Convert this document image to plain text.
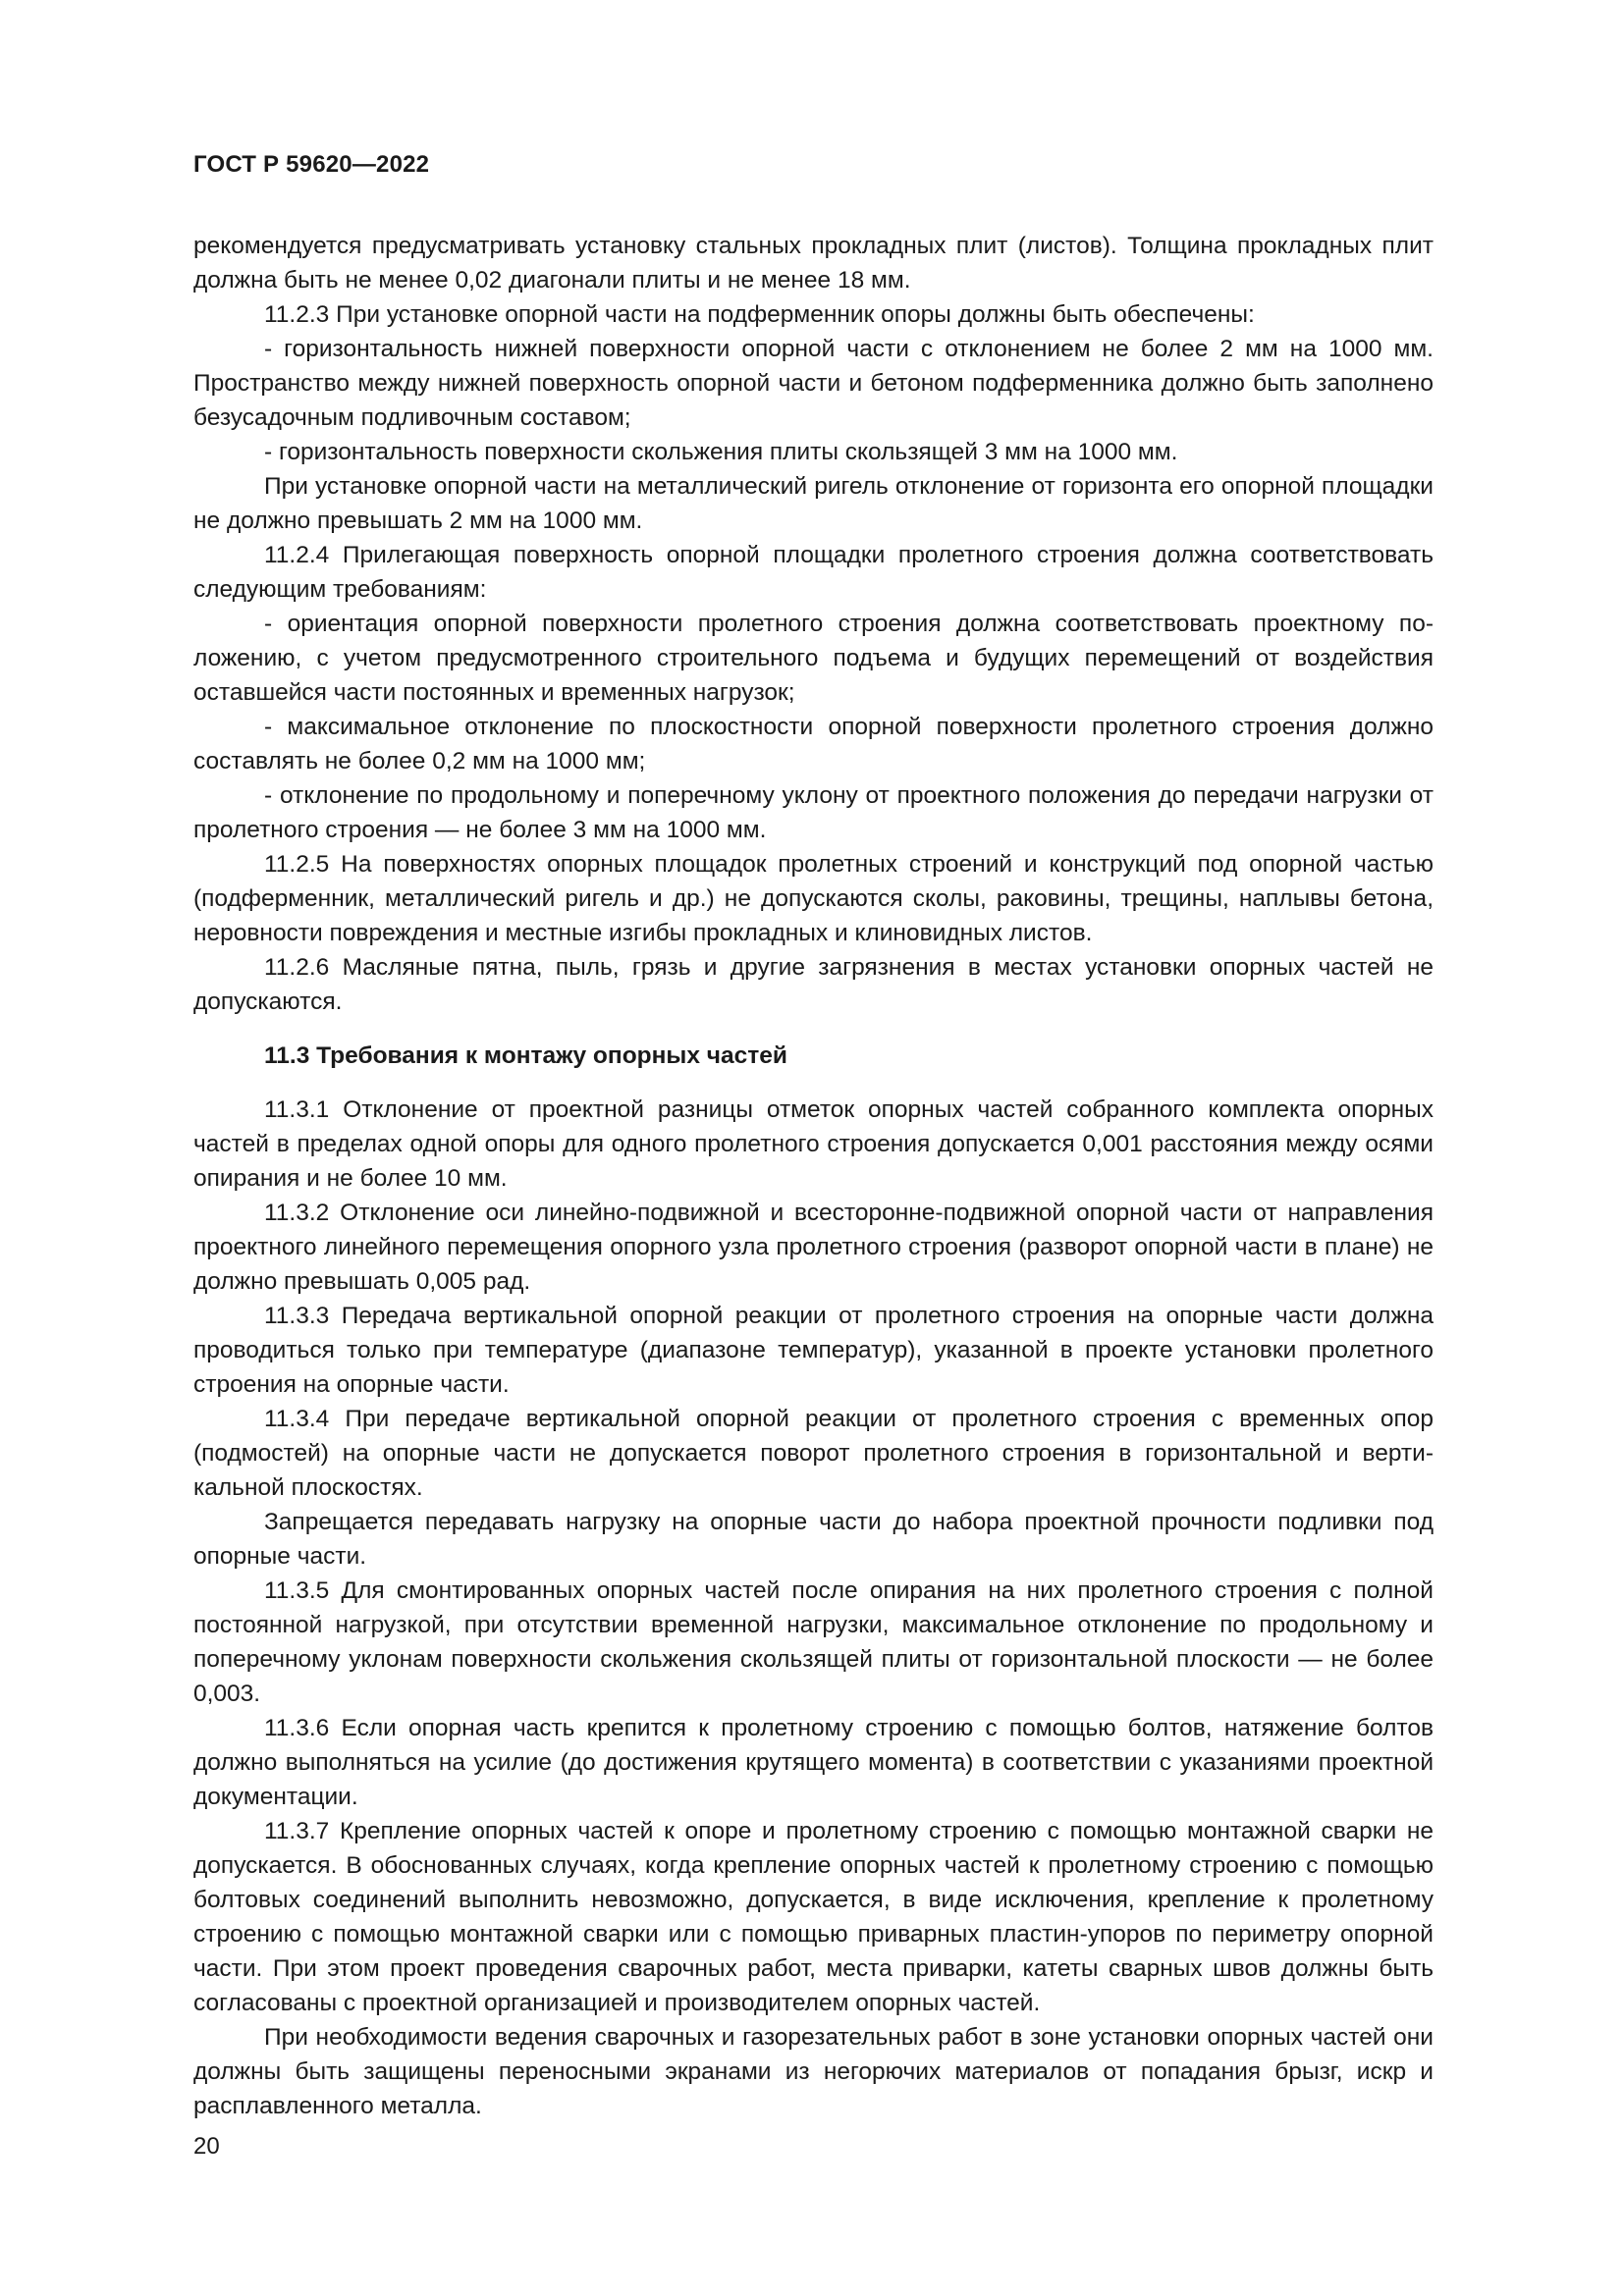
ГОСТ Р 59620—2022

рекомендуется предусматривать установку стальных прокладных плит (листов). Толщина прокладных плит должна быть не менее 0,02 диагонали плиты и не менее 18 мм.

11.2.3 При установке опорной части на подферменник опоры должны быть обеспечены:

- горизонтальность нижней поверхности опорной части с отклонением не более 2 мм на 1000 мм. Пространство между нижней поверхность опорной части и бетоном подферменника должно быть заполнено безусадочным подливочным составом;

- горизонтальность поверхности скольжения плиты скользящей 3 мм на 1000 мм.

При установке опорной части на металлический ригель отклонение от горизонта его опорной площадки не должно превышать 2 мм на 1000 мм.

11.2.4 Прилегающая поверхность опорной площадки пролетного строения должна соответствовать следующим требованиям:

- ориентация опорной поверхности пролетного строения должна соответствовать проектному положению, с учетом предусмотренного строительного подъема и будущих перемещений от воздействия оставшейся части постоянных и временных нагрузок;

- максимальное отклонение по плоскостности опорной поверхности пролетного строения должно составлять не более 0,2 мм на 1000 мм;

- отклонение по продольному и поперечному уклону от проектного положения до передачи нагрузки от пролетного строения — не более 3 мм на 1000 мм.

11.2.5 На поверхностях опорных площадок пролетных строений и конструкций под опорной частью (подферменник, металлический ригель и др.) не допускаются сколы, раковины, трещины, наплывы бетона, неровности повреждения и местные изгибы прокладных и клиновидных листов.

11.2.6 Масляные пятна, пыль, грязь и другие загрязнения в местах установки опорных частей не допускаются.

11.3 Требования к монтажу опорных частей

11.3.1 Отклонение от проектной разницы отметок опорных частей собранного комплекта опорных частей в пределах одной опоры для одного пролетного строения допускается 0,001 расстояния между осями опирания и не более 10 мм.

11.3.2 Отклонение оси линейно-подвижной и всесторонне-подвижной опорной части от направления проектного линейного перемещения опорного узла пролетного строения (разворот опорной части в плане) не должно превышать 0,005 рад.

11.3.3 Передача вертикальной опорной реакции от пролетного строения на опорные части должна проводиться только при температуре (диапазоне температур), указанной в проекте установки пролетного строения на опорные части.

11.3.4 При передаче вертикальной опорной реакции от пролетного строения с временных опор (подмостей) на опорные части не допускается поворот пролетного строения в горизонтальной и вертикальной плоскостях.

Запрещается передавать нагрузку на опорные части до набора проектной прочности подливки под опорные части.

11.3.5 Для смонтированных опорных частей после опирания на них пролетного строения с полной постоянной нагрузкой, при отсутствии временной нагрузки, максимальное отклонение по продольному и поперечному уклонам поверхности скольжения скользящей плиты от горизонтальной плоскости — не более 0,003.

11.3.6 Если опорная часть крепится к пролетному строению с помощью болтов, натяжение болтов должно выполняться на усилие (до достижения крутящего момента) в соответствии с указаниями проектной документации.

11.3.7 Крепление опорных частей к опоре и пролетному строению с помощью монтажной сварки не допускается. В обоснованных случаях, когда крепление опорных частей к пролетному строению с помощью болтовых соединений выполнить невозможно, допускается, в виде исключения, крепление к пролетному строению с помощью монтажной сварки или с помощью приварных пластин-упоров по периметру опорной части. При этом проект проведения сварочных работ, места приварки, катеты сварных швов должны быть согласованы с проектной организацией и производителем опорных частей.

При необходимости ведения сварочных и газорезательных работ в зоне установки опорных частей они должны быть защищены переносными экранами из негорючих материалов от попадания брызг, искр и расплавленного металла.

20
